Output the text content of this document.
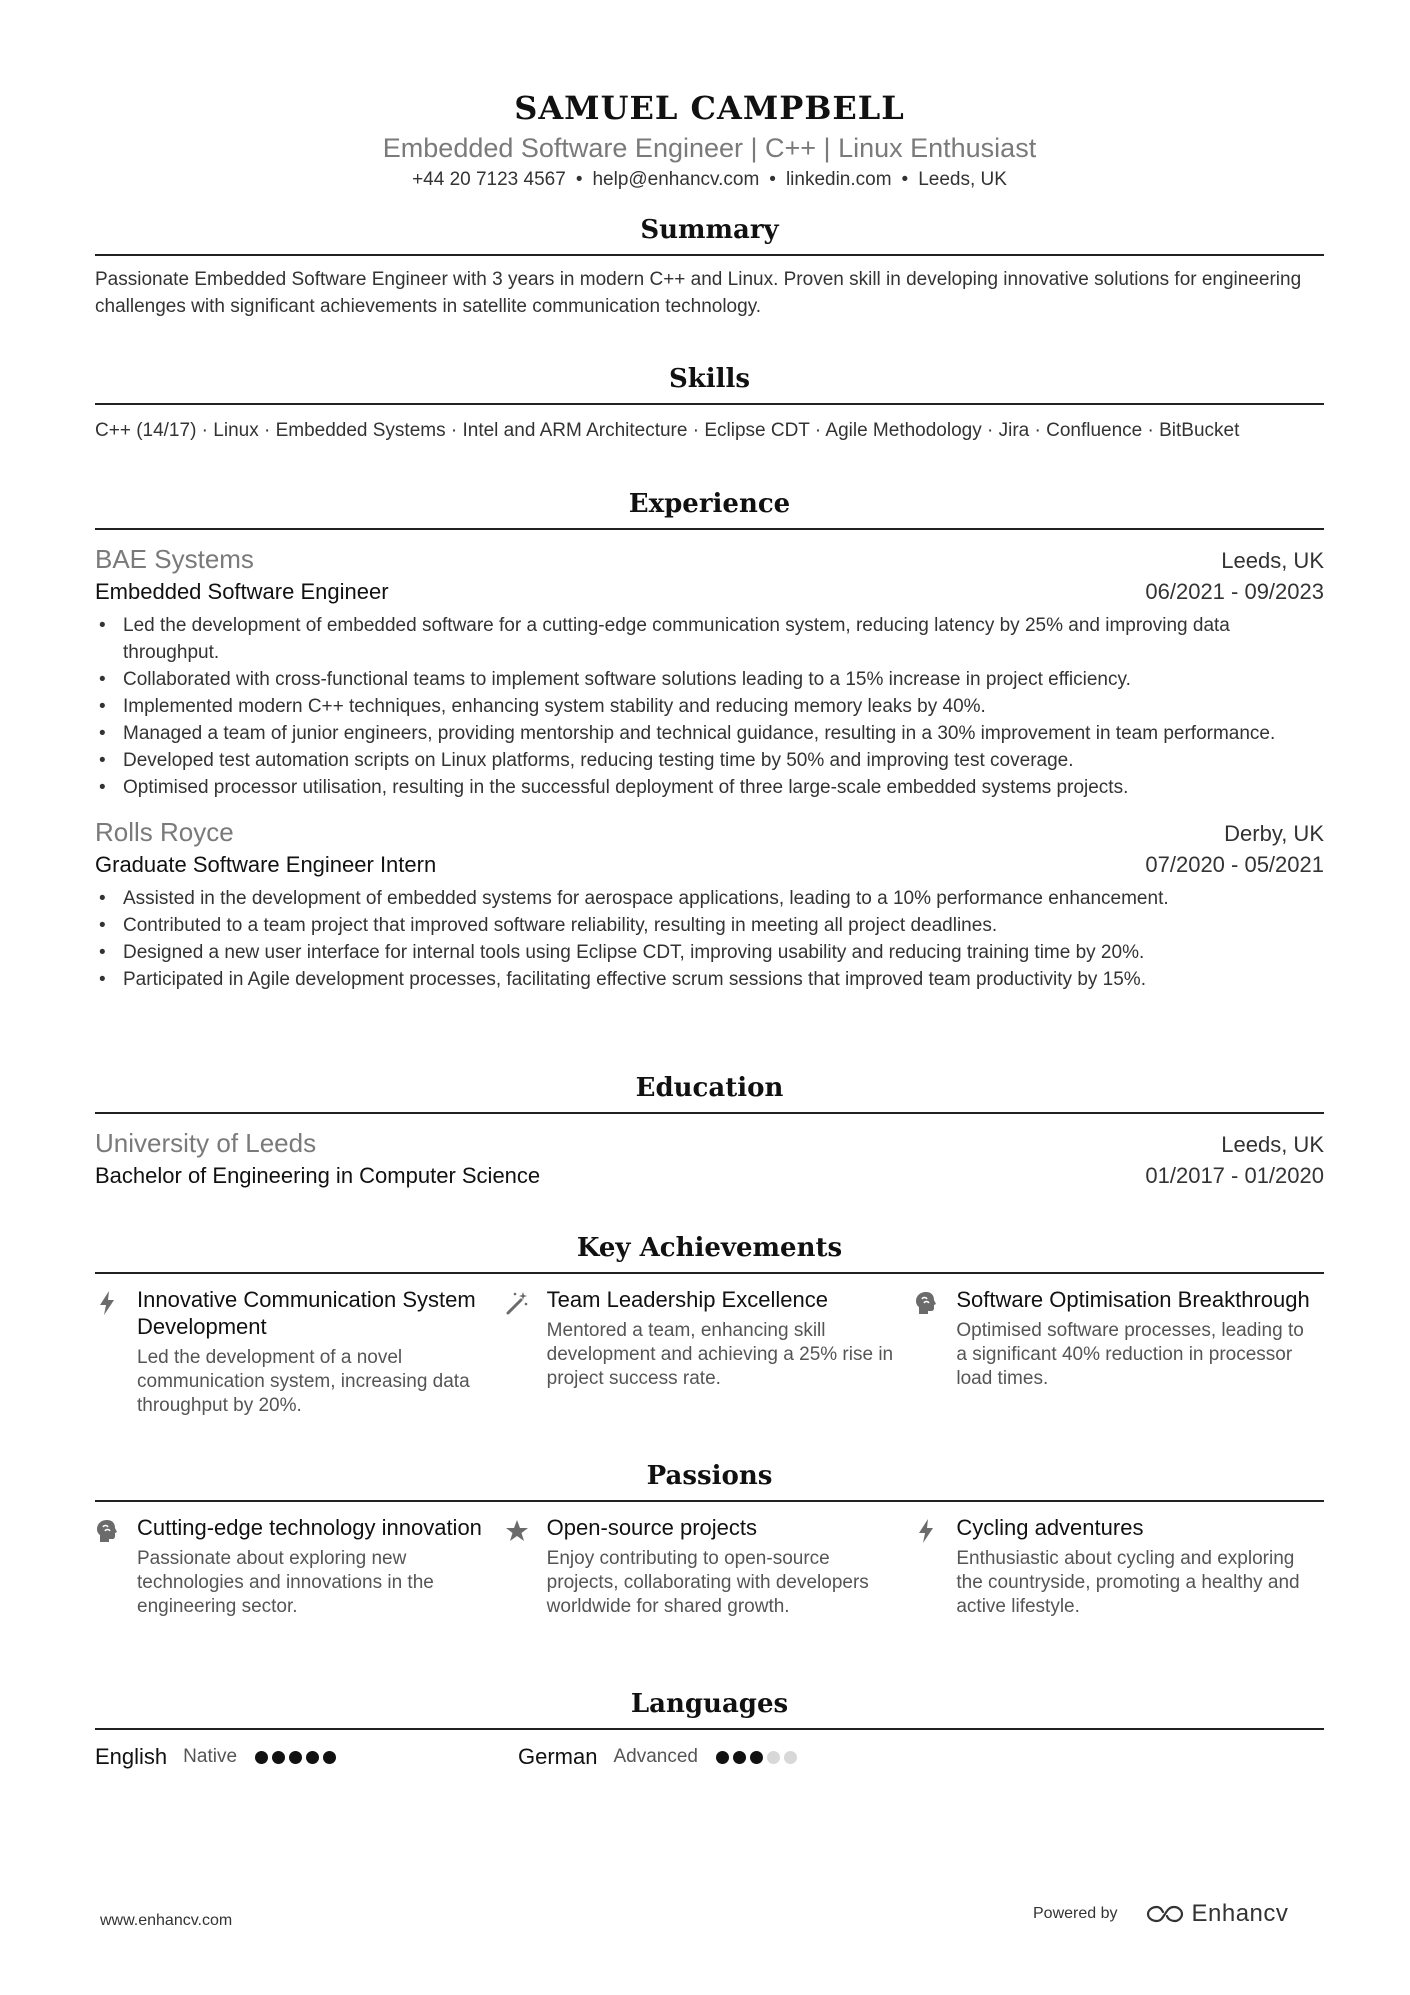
SAMUEL CAMPBELL
Embedded Software Engineer | C++ | Linux Enthusiast
+44 20 7123 4567 • help@enhancv.com • linkedin.com • Leeds, UK
Summary
Passionate Embedded Software Engineer with 3 years in modern C++ and Linux. Proven skill in developing innovative solutions for engineering challenges with significant achievements in satellite communication technology.
Skills
C++ (14/17) · Linux · Embedded Systems · Intel and ARM Architecture · Eclipse CDT · Agile Methodology · Jira · Confluence · BitBucket
Experience
BAE Systems	Leeds, UK
Embedded Software Engineer	06/2021 - 09/2023
• Led the development of embedded software for a cutting-edge communication system, reducing latency by 25% and improving data throughput.
• Collaborated with cross-functional teams to implement software solutions leading to a 15% increase in project efficiency.
• Implemented modern C++ techniques, enhancing system stability and reducing memory leaks by 40%.
• Managed a team of junior engineers, providing mentorship and technical guidance, resulting in a 30% improvement in team performance.
• Developed test automation scripts on Linux platforms, reducing testing time by 50% and improving test coverage.
• Optimised processor utilisation, resulting in the successful deployment of three large-scale embedded systems projects.
Rolls Royce	Derby, UK
Graduate Software Engineer Intern	07/2020 - 05/2021
• Assisted in the development of embedded systems for aerospace applications, leading to a 10% performance enhancement.
• Contributed to a team project that improved software reliability, resulting in meeting all project deadlines.
• Designed a new user interface for internal tools using Eclipse CDT, improving usability and reducing training time by 20%.
• Participated in Agile development processes, facilitating effective scrum sessions that improved team productivity by 15%.
Education
University of Leeds	Leeds, UK
Bachelor of Engineering in Computer Science	01/2017 - 01/2020
Key Achievements
Innovative Communication System Development
Led the development of a novel communication system, increasing data throughput by 20%.
Team Leadership Excellence
Mentored a team, enhancing skill development and achieving a 25% rise in project success rate.
Software Optimisation Breakthrough
Optimised software processes, leading to a significant 40% reduction in processor load times.
Passions
Cutting-edge technology innovation
Passionate about exploring new technologies and innovations in the engineering sector.
Open-source projects
Enjoy contributing to open-source projects, collaborating with developers worldwide for shared growth.
Cycling adventures
Enthusiastic about cycling and exploring the countryside, promoting a healthy and active lifestyle.
Languages
English Native	German Advanced
www.enhancv.com	Powered by	Enhancv
